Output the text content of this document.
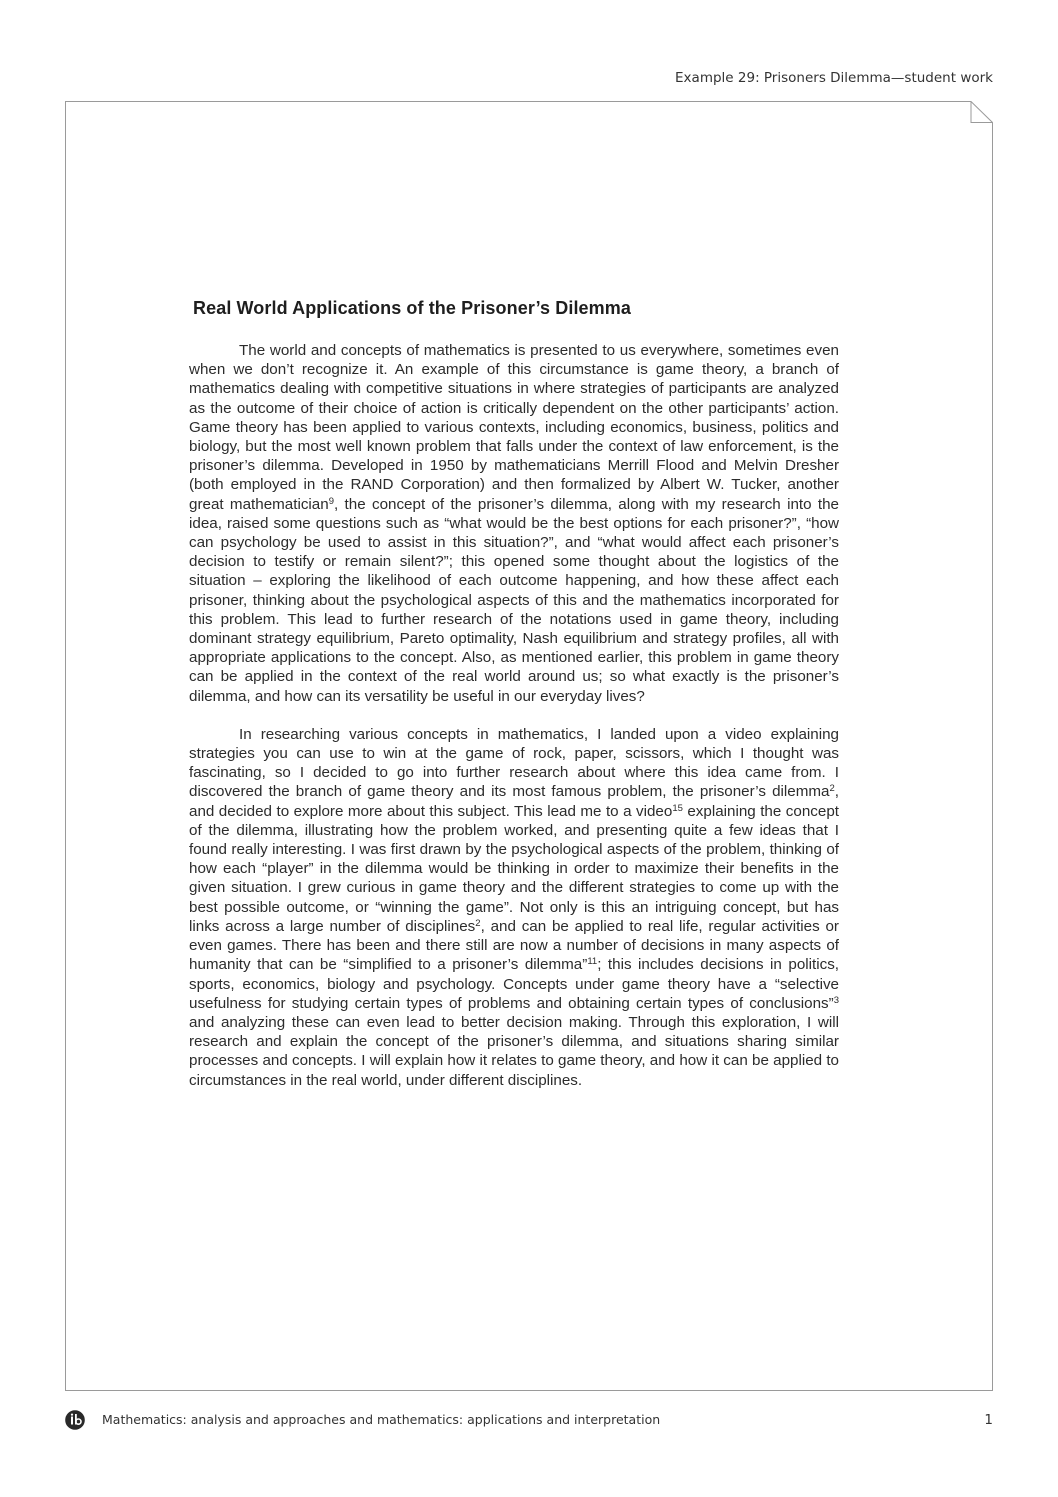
Example 29: Prisoners Dilemma—student work
Real World Applications of the Prisoner’s Dilemma

The world and concepts of mathematics is presented to us everywhere, sometimes even when we don’t recognize it. An example of this circumstance is game theory, a branch of mathematics dealing with competitive situations in where strategies of participants are analyzed as the outcome of their choice of action is critically dependent on the other participants’ action. Game theory has been applied to various contexts, including economics, business, politics and biology, but the most well known problem that falls under the context of law enforcement, is the prisoner’s dilemma. Developed in 1950 by mathematicians Merrill Flood and Melvin Dresher (both employed in the RAND Corporation) and then formalized by Albert W. Tucker, another great mathematician$^9$, the concept of the prisoner’s dilemma, along with my research into the idea, raised some questions such as “what would be the best options for each prisoner?”, “how can psychology be used to assist in this situation?”, and “what would affect each prisoner’s decision to testify or remain silent?”; this opened some thought about the logistics of the situation – exploring the likelihood of each outcome happening, and how these affect each prisoner, thinking about the psychological aspects of this and the mathematics incorporated for this problem. This lead to further research of the notations used in game theory, including dominant strategy equilibrium, Pareto optimality, Nash equilibrium and strategy profiles, all with appropriate applications to the concept. Also, as mentioned earlier, this problem in game theory can be applied in the context of the real world around us; so what exactly is the prisoner’s dilemma, and how can its versatility be useful in our everyday lives?

In researching various concepts in mathematics, I landed upon a video explaining strategies you can use to win at the game of rock, paper, scissors, which I thought was fascinating, so I decided to go into further research about where this idea came from. I discovered the branch of game theory and its most famous problem, the prisoner’s dilemma$^2$, and decided to explore more about this subject. This lead me to a video$^{15}$ explaining the concept of the dilemma, illustrating how the problem worked, and presenting quite a few ideas that I found really interesting. I was first drawn by the psychological aspects of the problem, thinking of how each “player” in the dilemma would be thinking in order to maximize their benefits in the given situation. I grew curious in game theory and the different strategies to come up with the best possible outcome, or “winning the game”. Not only is this an intriguing concept, but has links across a large number of disciplines$^2$, and can be applied to real life, regular activities or even games. There has been and there still are now a number of decisions in many aspects of humanity that can be “simplified to a prisoner’s dilemma”$^{11}$; this includes decisions in politics, sports, economics, biology and psychology. Concepts under game theory have a “selective usefulness for studying certain types of problems and obtaining certain types of conclusions”$^3$ and analyzing these can even lead to better decision making. Through this exploration, I will research and explain the concept of the prisoner’s dilemma, and situations sharing similar processes and concepts. I will explain how it relates to game theory, and how it can be applied to circumstances in the real world, under different disciplines.

Mathematics: analysis and approaches and mathematics: applications and interpretation	1
